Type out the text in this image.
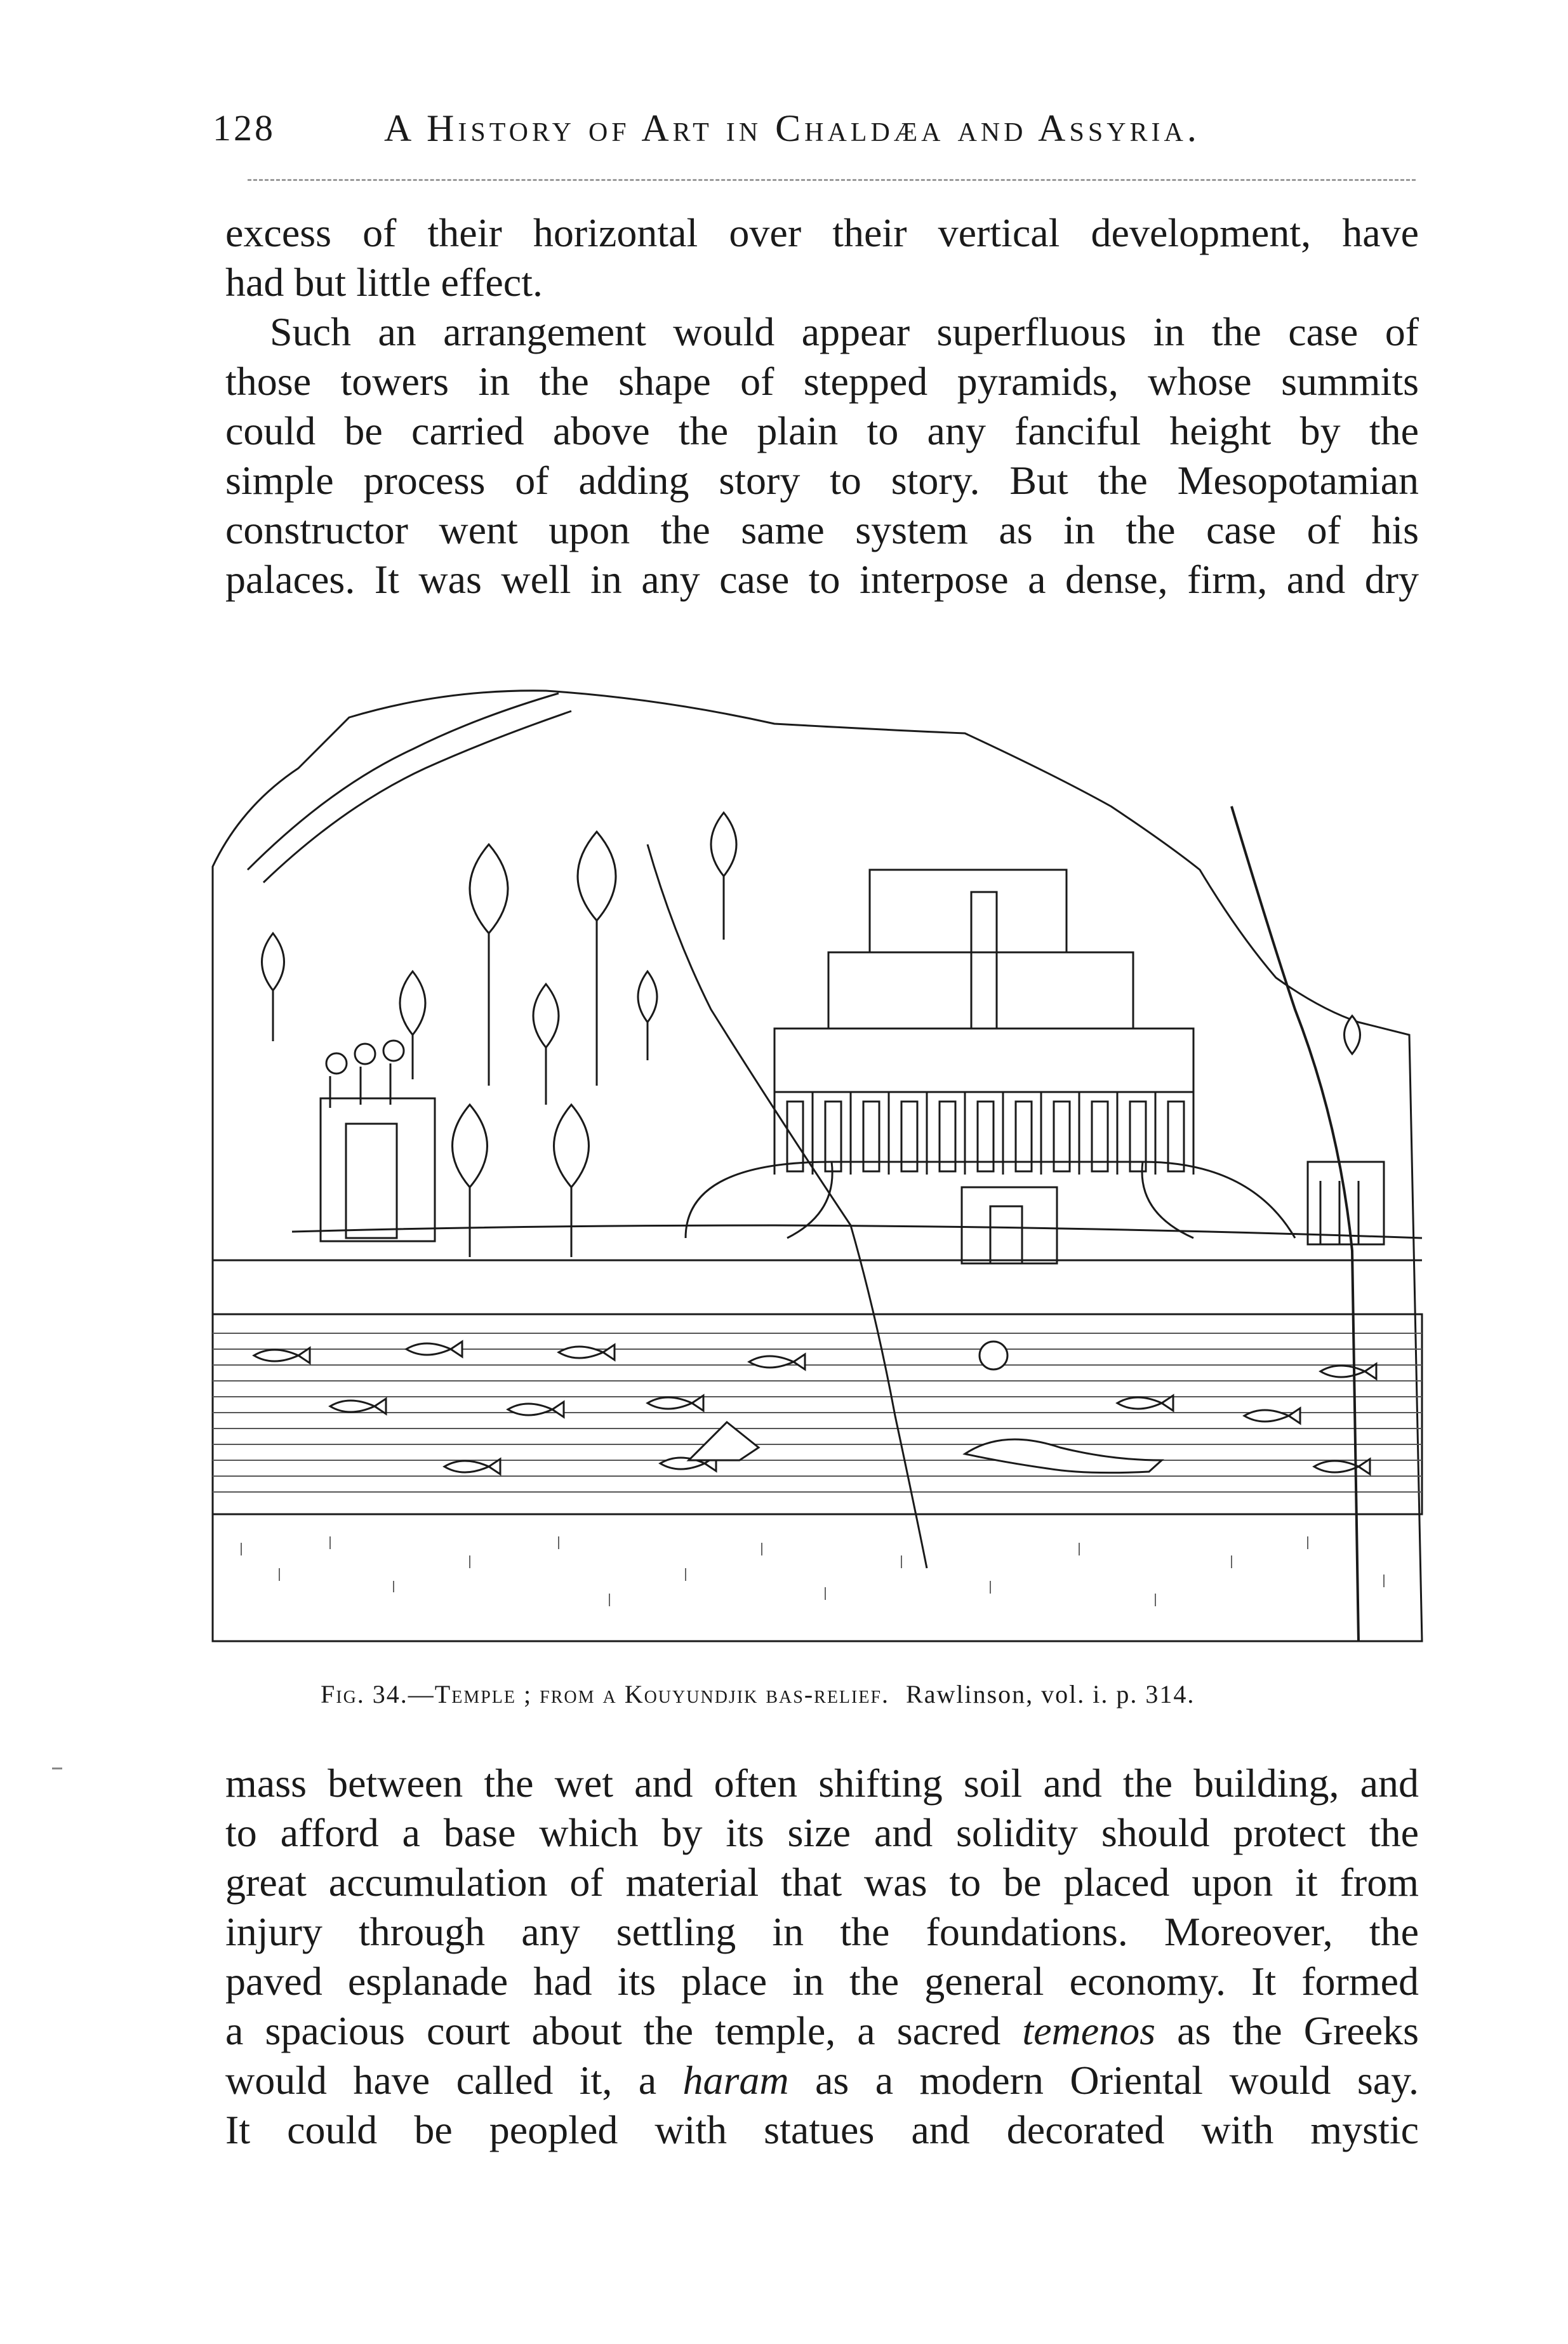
128	A History of Art in Chaldæa and Assyria.
excess of their horizontal over their vertical development, have
had but little effect.
Such an arrangement would appear superfluous in the case of
those towers in the shape of stepped pyramids, whose summits
could be carried above the plain to any fanciful height by the
simple process of adding story to story. But the Mesopotamian
constructor went upon the same system as in the case of his
palaces. It was well in any case to interpose a dense, firm, and dry
Fig. 34.—Temple ; from a Kouyundjik bas-relief. Rawlinson, vol. i. p. 314.
mass between the wet and often shifting soil and the building, and
to afford a base which by its size and solidity should protect the
great accumulation of material that was to be placed upon it from
injury through any settling in the foundations. Moreover, the
paved esplanade had its place in the general economy. It formed
a spacious court about the temple, a sacred temenos as the Greeks
would have called it, a haram as a modern Oriental would say.
It could be peopled with statues and decorated with mystic
